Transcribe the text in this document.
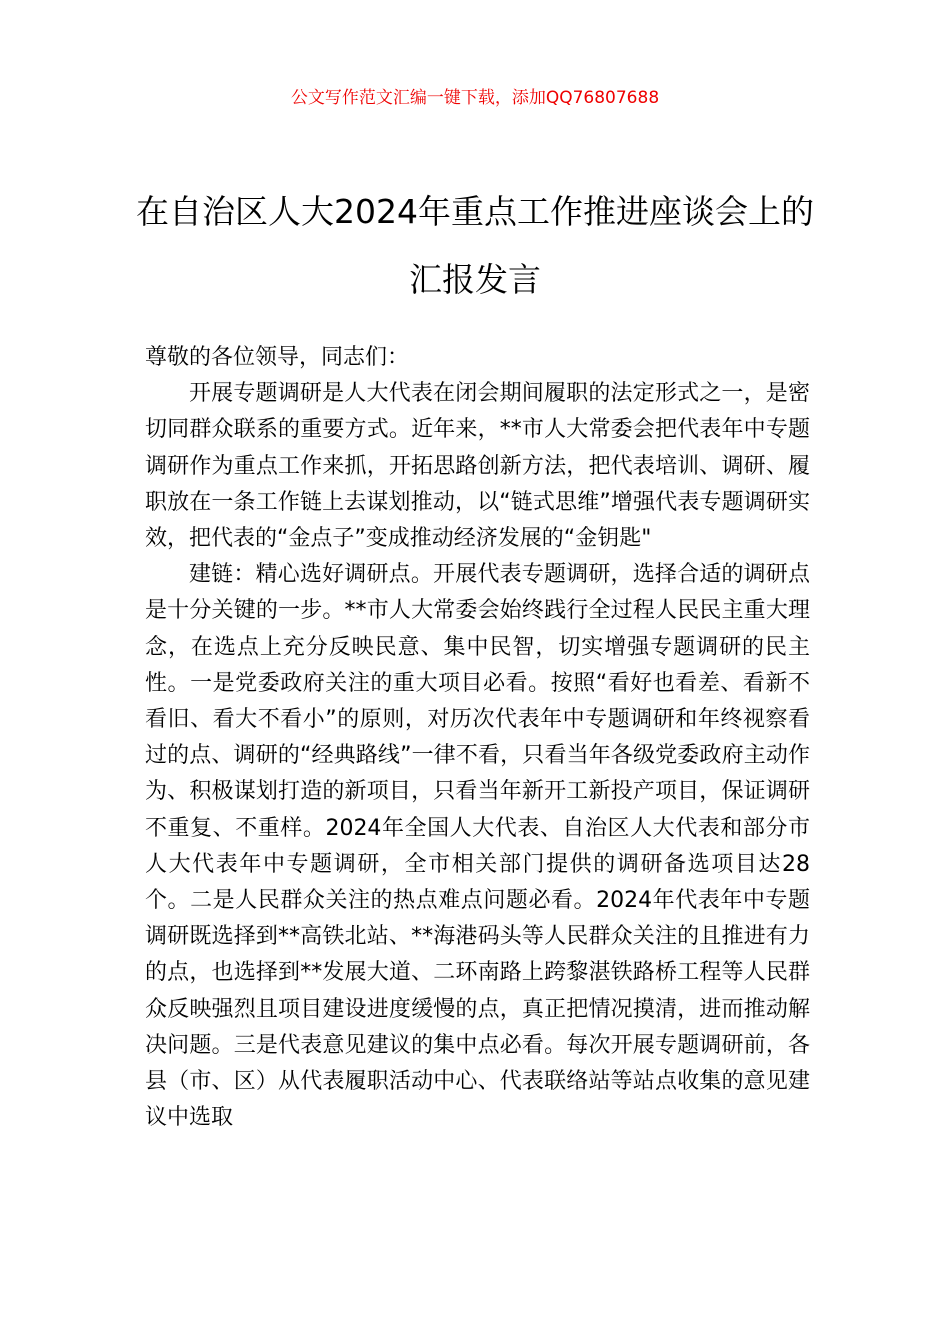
公文写作范文汇编一键下载，添加QQ76807688
在自治区人大2024年重点工作推进座谈会上的汇报发言

尊敬的各位领导，同志们：

开展专题调研是人大代表在闭会期间履职的法定形式之一，是密切同群众联系的重要方式。近年来，**市人大常委会把代表年中专题调研作为重点工作来抓，开拓思路创新方法，把代表培训、调研、履职放在一条工作链上去谋划推动，以“链式思维”增强代表专题调研实效，把代表的“金点子”变成推动经济发展的“金钥匙"

建链：精心选好调研点。开展代表专题调研，选择合适的调研点是十分关键的一步。**市人大常委会始终践行全过程人民民主重大理念，在选点上充分反映民意、集中民智，切实增强专题调研的民主性。一是党委政府关注的重大项目必看。按照“看好也看差、看新不看旧、看大不看小”的原则，对历次代表年中专题调研和年终视察看过的点、调研的“经典路线”一律不看，只看当年各级党委政府主动作为、积极谋划打造的新项目，只看当年新开工新投产项目，保证调研不重复、不重样。2024年全国人大代表、自治区人大代表和部分市人大代表年中专题调研，全市相关部门提供的调研备选项目达28个。二是人民群众关注的热点难点问题必看。2024年代表年中专题调研既选择到**高铁北站、**海港码头等人民群众关注的且推进有力的点，也选择到**发展大道、二环南路上跨黎湛铁路桥工程等人民群众反映强烈且项目建设进度缓慢的点，真正把情况摸清，进而推动解决问题。三是代表意见建议的集中点必看。每次开展专题调研前，各县（市、区）从代表履职活动中心、代表联络站等站点收集的意见建议中选取
